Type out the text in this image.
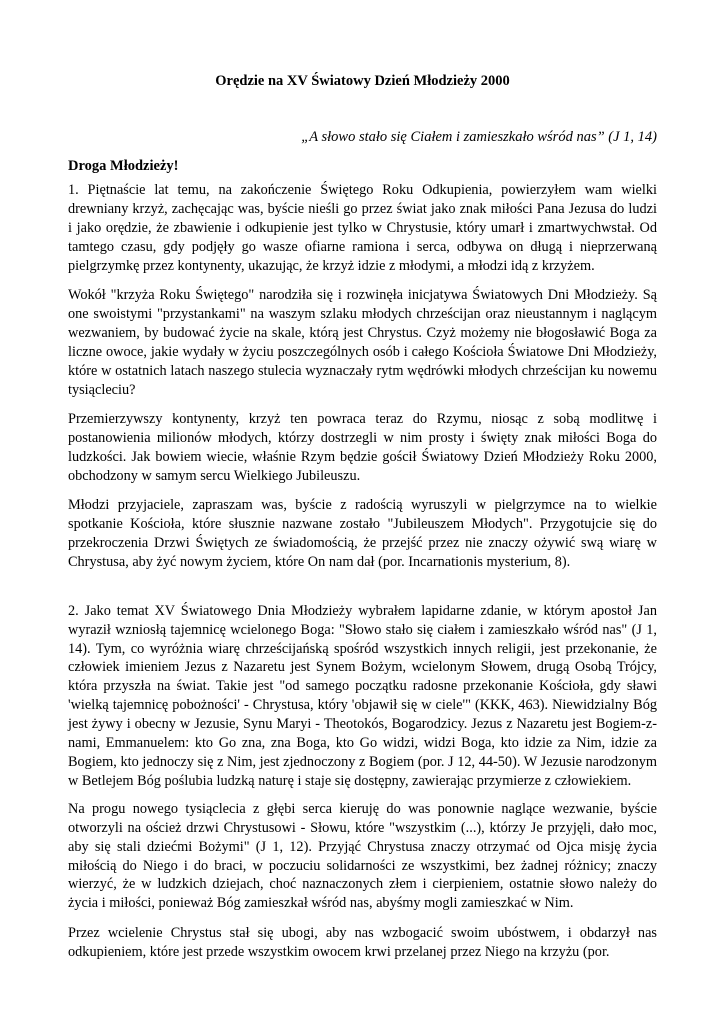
Orędzie na XV Światowy Dzień Młodzieży 2000

„A słowo stało się Ciałem i zamieszkało wśród nas” (J 1, 14)

Droga Młodzieży!

1. Piętnaście lat temu, na zakończenie Świętego Roku Odkupienia, powierzyłem wam wielki drewniany krzyż, zachęcając was, byście nieśli go przez świat jako znak miłości Pana Jezusa do ludzi i jako orędzie, że zbawienie i odkupienie jest tylko w Chrystusie, który umarł i zmartwychwstał. Od tamtego czasu, gdy podjęły go wasze ofiarne ramiona i serca, odbywa on długą i nieprzerwaną pielgrzymkę przez kontynenty, ukazując, że krzyż idzie z młodymi, a młodzi idą z krzyżem.

Wokół "krzyża Roku Świętego" narodziła się i rozwinęła inicjatywa Światowych Dni Młodzieży. Są one swoistymi "przystankami" na waszym szlaku młodych chrześcijan oraz nieustannym i naglącym wezwaniem, by budować życie na skale, którą jest Chrystus. Czyż możemy nie błogosławić Boga za liczne owoce, jakie wydały w życiu poszczególnych osób i całego Kościoła Światowe Dni Młodzieży, które w ostatnich latach naszego stulecia wyznaczały rytm wędrówki młodych chrześcijan ku nowemu tysiącleciu?

Przemierzywszy kontynenty, krzyż ten powraca teraz do Rzymu, niosąc z sobą modlitwę i postanowienia milionów młodych, którzy dostrzegli w nim prosty i święty znak miłości Boga do ludzkości. Jak bowiem wiecie, właśnie Rzym będzie gościł Światowy Dzień Młodzieży Roku 2000, obchodzony w samym sercu Wielkiego Jubileuszu.

Młodzi przyjaciele, zapraszam was, byście z radością wyruszyli w pielgrzymce na to wielkie spotkanie Kościoła, które słusznie nazwane zostało "Jubileuszem Młodych". Przygotujcie się do przekroczenia Drzwi Świętych ze świadomością, że przejść przez nie znaczy ożywić swą wiarę w Chrystusa, aby żyć nowym życiem, które On nam dał (por. Incarnationis mysterium, 8).

2. Jako temat XV Światowego Dnia Młodzieży wybrałem lapidarne zdanie, w którym apostoł Jan wyraził wzniosłą tajemnicę wcielonego Boga: "Słowo stało się ciałem i zamieszkało wśród nas" (J 1, 14). Tym, co wyróżnia wiarę chrześcijańską spośród wszystkich innych religii, jest przekonanie, że człowiek imieniem Jezus z Nazaretu jest Synem Bożym, wcielonym Słowem, drugą Osobą Trójcy, która przyszła na świat. Takie jest "od samego początku radosne przekonanie Kościoła, gdy sławi 'wielką tajemnicę pobożności' - Chrystusa, który 'objawił się w ciele'" (KKK, 463). Niewidzialny Bóg jest żywy i obecny w Jezusie, Synu Maryi - Theotokós, Bogarodzicy. Jezus z Nazaretu jest Bogiem-z-nami, Emmanuelem: kto Go zna, zna Boga, kto Go widzi, widzi Boga, kto idzie za Nim, idzie za Bogiem, kto jednoczy się z Nim, jest zjednoczony z Bogiem (por. J 12, 44-50). W Jezusie narodzonym w Betlejem Bóg poślubia ludzką naturę i staje się dostępny, zawierając przymierze z człowiekiem.

Na progu nowego tysiąclecia z głębi serca kieruję do was ponownie naglące wezwanie, byście otworzyli na oścież drzwi Chrystusowi - Słowu, które "wszystkim (...), którzy Je przyjęli, dało moc, aby się stali dziećmi Bożymi" (J 1, 12). Przyjąć Chrystusa znaczy otrzymać od Ojca misję życia miłością do Niego i do braci, w poczuciu solidarności ze wszystkimi, bez żadnej różnicy; znaczy wierzyć, że w ludzkich dziejach, choć naznaczonych złem i cierpieniem, ostatnie słowo należy do życia i miłości, ponieważ Bóg zamieszkał wśród nas, abyśmy mogli zamieszkać w Nim.

Przez wcielenie Chrystus stał się ubogi, aby nas wzbogacić swoim ubóstwem, i obdarzył nas odkupieniem, które jest przede wszystkim owocem krwi przelanej przez Niego na krzyżu (por.
